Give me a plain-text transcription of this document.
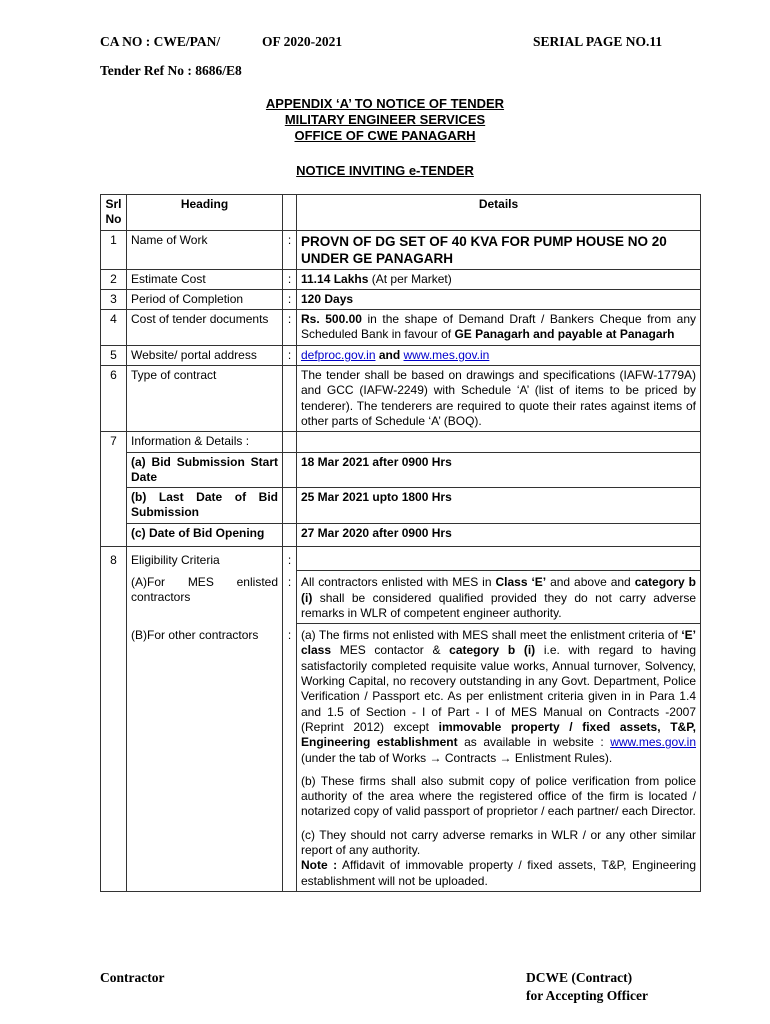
CA NO : CWE/PAN/	OF 2020-2021	SERIAL PAGE NO.11
Tender Ref No : 8686/E8
APPENDIX ‘A’ TO NOTICE OF TENDER
MILITARY ENGINEER SERVICES
OFFICE OF CWE PANAGARH
NOTICE INVITING e-TENDER
Srl No	Heading		Details
1	Name of Work	:	PROVN OF DG SET OF 40 KVA FOR PUMP HOUSE NO 20 UNDER GE PANAGARH
2	Estimate Cost	:	11.14 Lakhs (At per Market)
3	Period of Completion	:	120 Days
4	Cost of tender documents	:	Rs. 500.00 in the shape of Demand Draft / Bankers Cheque from any Scheduled Bank in favour of GE Panagarh and payable at Panagarh
5	Website/ portal address	:	defproc.gov.in and www.mes.gov.in
6	Type of contract		The tender shall be based on drawings and specifications (IAFW-1779A) and GCC (IAFW-2249) with Schedule ‘A’ (list of items to be priced by tenderer). The tenderers are required to quote their rates against items of other parts of Schedule ‘A’ (BOQ).
7	Information & Details :		
	(a) Bid Submission Start Date		18 Mar 2021 after 0900 Hrs
	(b) Last Date of Bid Submission		25 Mar 2021 upto 1800 Hrs
	(c) Date of Bid Opening		27 Mar 2020 after 0900 Hrs
8	Eligibility Criteria	:	
	(A)For MES enlisted contractors	:	All contractors enlisted with MES in Class ‘E’ and above and category b (i) shall be considered qualified provided they do not carry adverse remarks in WLR of competent engineer authority.
	(B)For other contractors	:	(a) The firms not enlisted with MES shall meet the enlistment criteria of ‘E’ class MES contactor & category b (i) i.e. with regard to having satisfactorily completed requisite value works, Annual turnover, Solvency, Working Capital, no recovery outstanding in any Govt. Department, Police Verification / Passport etc. As per enlistment criteria given in in Para 1.4 and 1.5 of Section - I of Part - I of MES Manual on Contracts -2007 (Reprint 2012) except immovable property / fixed assets, T&P, Engineering establishment as available in website : www.mes.gov.in (under the tab of Works → Contracts → Enlistment Rules).

(b) These firms shall also submit copy of police verification from police authority of the area where the registered office of the firm is located / notarized copy of valid passport of proprietor / each partner/ each Director.

(c) They should not carry adverse remarks in WLR / or any other similar report of any authority.

Note : Affidavit of immovable property / fixed assets, T&P, Engineering establishment will not be uploaded.

Contractor	DCWE (Contract)
for Accepting Officer
